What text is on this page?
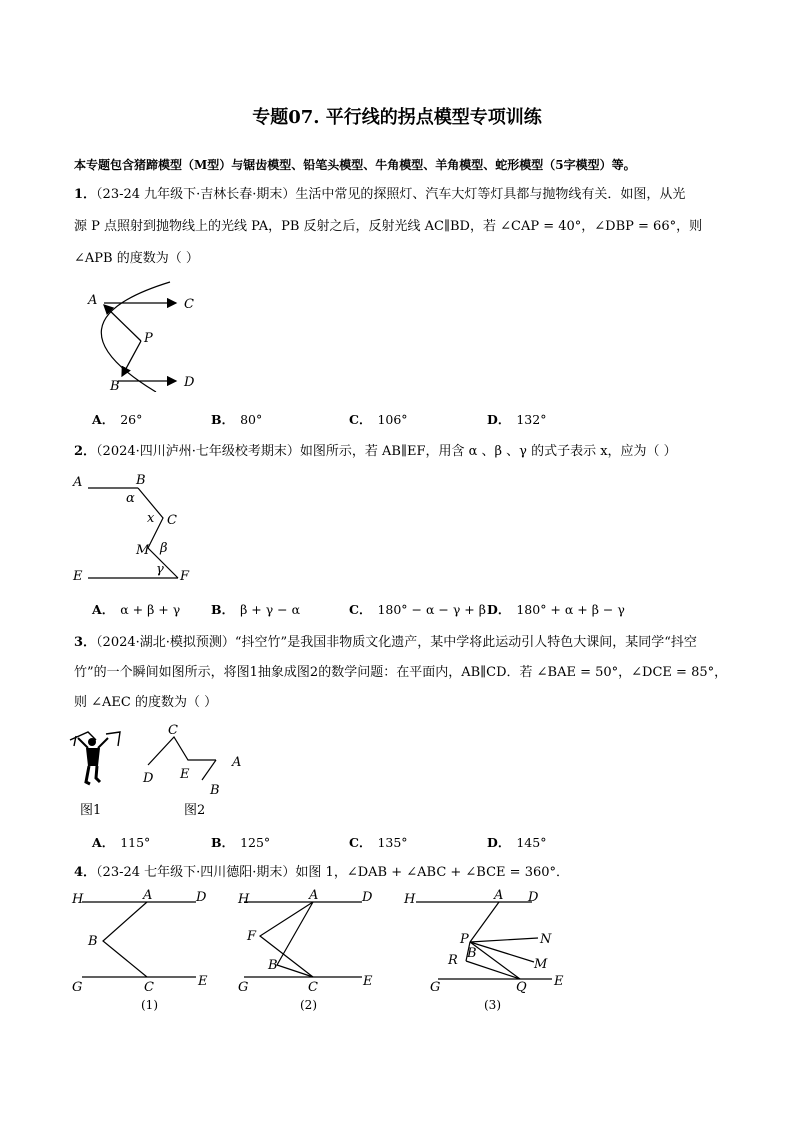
专题07. 平行线的拐点模型专项训练
本专题包含猪蹄模型（M型）与锯齿模型、铅笔头模型、牛角模型、羊角模型、蛇形模型（5字模型）等。
1．（23-24 九年级下·吉林长春·期末）生活中常见的探照灯、汽车大灯等灯具都与抛物线有关．如图，从光
源 P 点照射到抛物线上的光线 PA，PB 反射之后，反射光线 AC∥BD，若 ∠CAP = 40°，∠DBP = 66°，则
∠APB 的度数为（ ）
A	C
P
B	D
A． 26°	B． 80°	C． 106°	D． 132°
2．（2024·四川泸州·七年级校考期末）如图所示，若 AB∥EF，用含 α 、β 、γ 的式子表示 x，应为（ ）
A	B
α
x C
M β
E	γ F
A． α + β + γ B． β + γ − α	C． 180° − α − γ + β D． 180° + α + β − γ
3．（2024·湖北·模拟预测）“抖空竹”是我国非物质文化遗产，某中学将此运动引人特色大课间，某同学“抖空
竹”的一个瞬间如图所示，将图1抽象成图2的数学问题：在平面内，AB∥CD．若 ∠BAE = 50°，∠DCE = 85°，
则 ∠AEC 的度数为（ ）
图1
C
D E
A
B
图2
A． 115°	B． 125°	C． 135°	D． 145°
4．（23-24 七年级下·四川德阳·期末）如图 1，∠DAB + ∠ABC + ∠BCE = 360°．
H	A	D
B
G	C	E
(1)
H	A	D
F
B
G	C	E
(2)
H	A D
P	N
R B
M
G	Q E
(3)
